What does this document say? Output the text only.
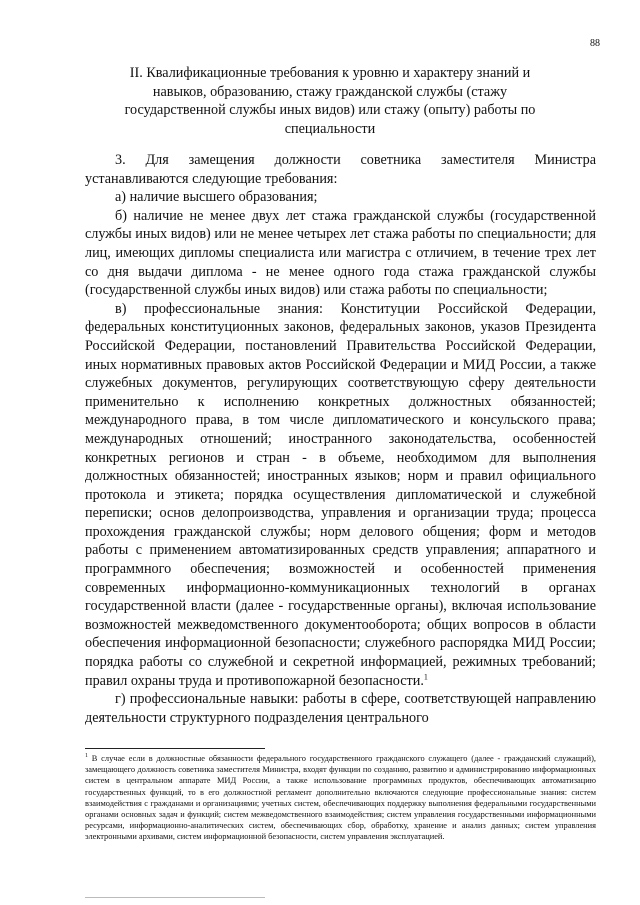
88
II. Квалификационные требования к уровню и характеру знаний и навыков, образованию, стажу гражданской службы (стажу государственной службы иных видов) или стажу (опыту) работы по специальности

3. Для замещения должности советника заместителя Министра устанавливаются следующие требования:

а) наличие высшего образования;

б) наличие не менее двух лет стажа гражданской службы (государственной службы иных видов) или не менее четырех лет стажа работы по специальности; для лиц, имеющих дипломы специалиста или магистра с отличием, в течение трех лет со дня выдачи диплома - не менее одного года стажа гражданской службы (государственной службы иных видов) или стажа работы по специальности;

в) профессиональные знания: Конституции Российской Федерации, федеральных конституционных законов, федеральных законов, указов Президента Российской Федерации, постановлений Правительства Российской Федерации, иных нормативных правовых актов Российской Федерации и МИД России, а также служебных документов, регулирующих соответствующую сферу деятельности применительно к исполнению конкретных должностных обязанностей; международного права, в том числе дипломатического и консульского права; международных отношений; иностранного законодательства, особенностей конкретных регионов и стран - в объеме, необходимом для выполнения должностных обязанностей; иностранных языков; норм и правил официального протокола и этикета; порядка осуществления дипломатической и служебной переписки; основ делопроизводства, управления и организации труда; процесса прохождения гражданской службы; норм делового общения; форм и методов работы с применением автоматизированных средств управления; аппаратного и программного обеспечения; возможностей и особенностей применения современных информационно-коммуникационных технологий в органах государственной власти (далее - государственные органы), включая использование возможностей межведомственного документооборота; общих вопросов в области обеспечения информационной безопасности; служебного распорядка МИД России; порядка работы со служебной и секретной информацией, режимных требований; правил охраны труда и противопожарной безопасности.$^1$

г) профессиональные навыки: работы в сфере, соответствующей направлению деятельности структурного подразделения центрального

$^1$ В случае если в должностные обязанности федерального государственного гражданского служащего (далее - гражданский служащий), замещающего должность советника заместителя Министра, входят функции по созданию, развитию и администрированию информационных систем в центральном аппарате МИД России, а также использование программных продуктов, обеспечивающих автоматизацию государственных функций, то в его должностной регламент дополнительно включаются следующие профессиональные знания: систем взаимодействия с гражданами и организациями; учетных систем, обеспечивающих поддержку выполнения федеральными государственными органами основных задач и функций; систем межведомственного взаимодействия; систем управления государственными информационными ресурсами, информационно-аналитических систем, обеспечивающих сбор, обработку, хранение и анализ данных; систем управления электронными архивами, систем информационной безопасности, систем управления эксплуатацией.
